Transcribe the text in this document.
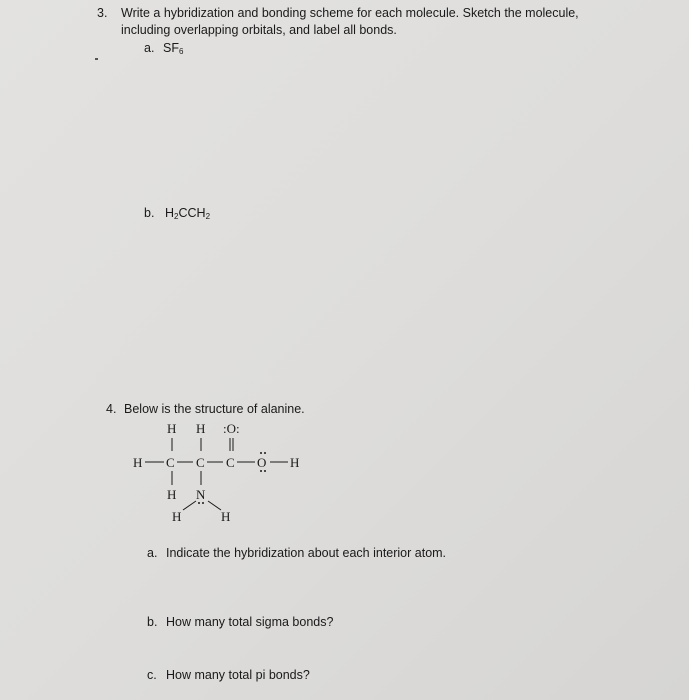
3. Write a hybridization and bonding scheme for each molecule. Sketch the molecule,
including overlapping orbitals, and label all bonds.
a. $SF_6$
b. $H_2CCH_2$
4. Below is the structure of alanine.
H H :O:
H C C C O H
H N
H	H
a. Indicate the hybridization about each interior atom.
b. How many total sigma bonds?
c. How many total pi bonds?
